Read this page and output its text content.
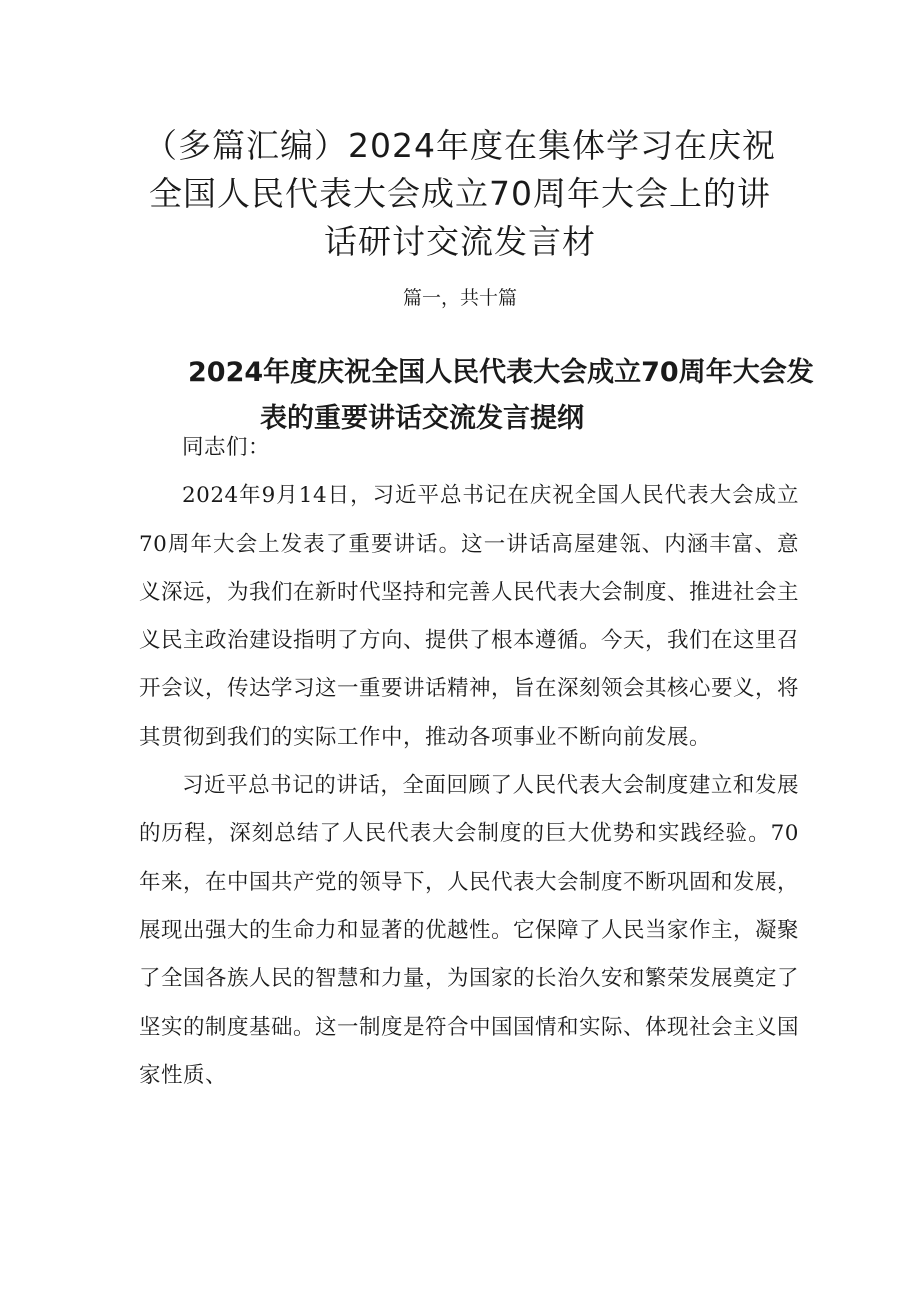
（多篇汇编）2024年度在集体学习在庆祝
全国人民代表大会成立70周年大会上的讲
话研讨交流发言材
篇一，共十篇
2024年度庆祝全国人民代表大会成立70周年大会发
表的重要讲话交流发言提纲

同志们：

2024年9月14日，习近平总书记在庆祝全国人民代表大会成立70周年大会上发表了重要讲话。这一讲话高屋建瓴、内涵丰富、意义深远，为我们在新时代坚持和完善人民代表大会制度、推进社会主义民主政治建设指明了方向、提供了根本遵循。今天，我们在这里召开会议，传达学习这一重要讲话精神，旨在深刻领会其核心要义，将其贯彻到我们的实际工作中，推动各项事业不断向前发展。

习近平总书记的讲话，全面回顾了人民代表大会制度建立和发展的历程，深刻总结了人民代表大会制度的巨大优势和实践经验。70年来，在中国共产党的领导下，人民代表大会制度不断巩固和发展，展现出强大的生命力和显著的优越性。它保障了人民当家作主，凝聚了全国各族人民的智慧和力量，为国家的长治久安和繁荣发展奠定了坚实的制度基础。这一制度是符合中国国情和实际、体现社会主义国家性质、
